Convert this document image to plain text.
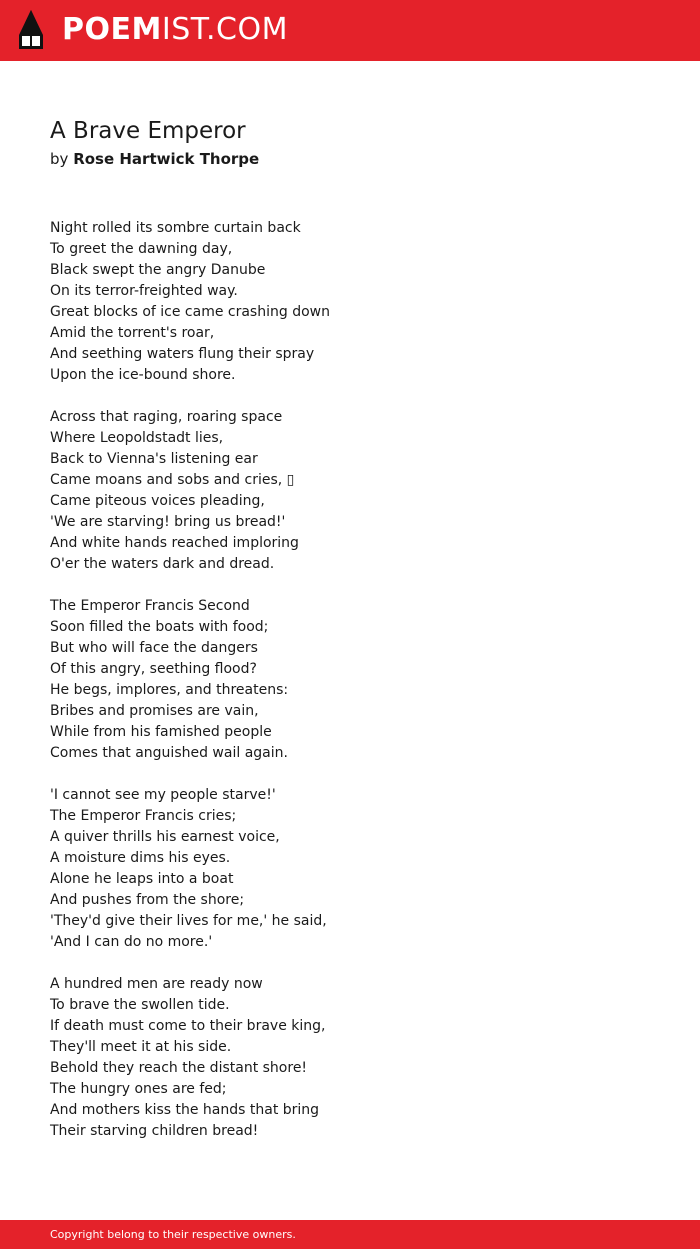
POEMIST.COM
A Brave Emperor
by Rose Hartwick Thorpe
Night rolled its sombre curtain back
To greet the dawning day,
Black swept the angry Danube
On its terror-freighted way.
Great blocks of ice came crashing down
Amid the torrent's roar,
And seething waters flung their spray
Upon the ice-bound shore.
Across that raging, roaring space
Where Leopoldstadt lies,
Back to Vienna's listening ear
Came moans and sobs and cries, ▯
Came piteous voices pleading,
'We are starving! bring us bread!'
And white hands reached imploring
O'er the waters dark and dread.
The Emperor Francis Second
Soon filled the boats with food;
But who will face the dangers
Of this angry, seething flood?
He begs, implores, and threatens:
Bribes and promises are vain,
While from his famished people
Comes that anguished wail again.
'I cannot see my people starve!'
The Emperor Francis cries;
A quiver thrills his earnest voice,
A moisture dims his eyes.
Alone he leaps into a boat
And pushes from the shore;
'They'd give their lives for me,' he said,
'And I can do no more.'
A hundred men are ready now
To brave the swollen tide.
If death must come to their brave king,
They'll meet it at his side.
Behold they reach the distant shore!
The hungry ones are fed;
And mothers kiss the hands that bring
Their starving children bread!
Copyright belong to their respective owners.
